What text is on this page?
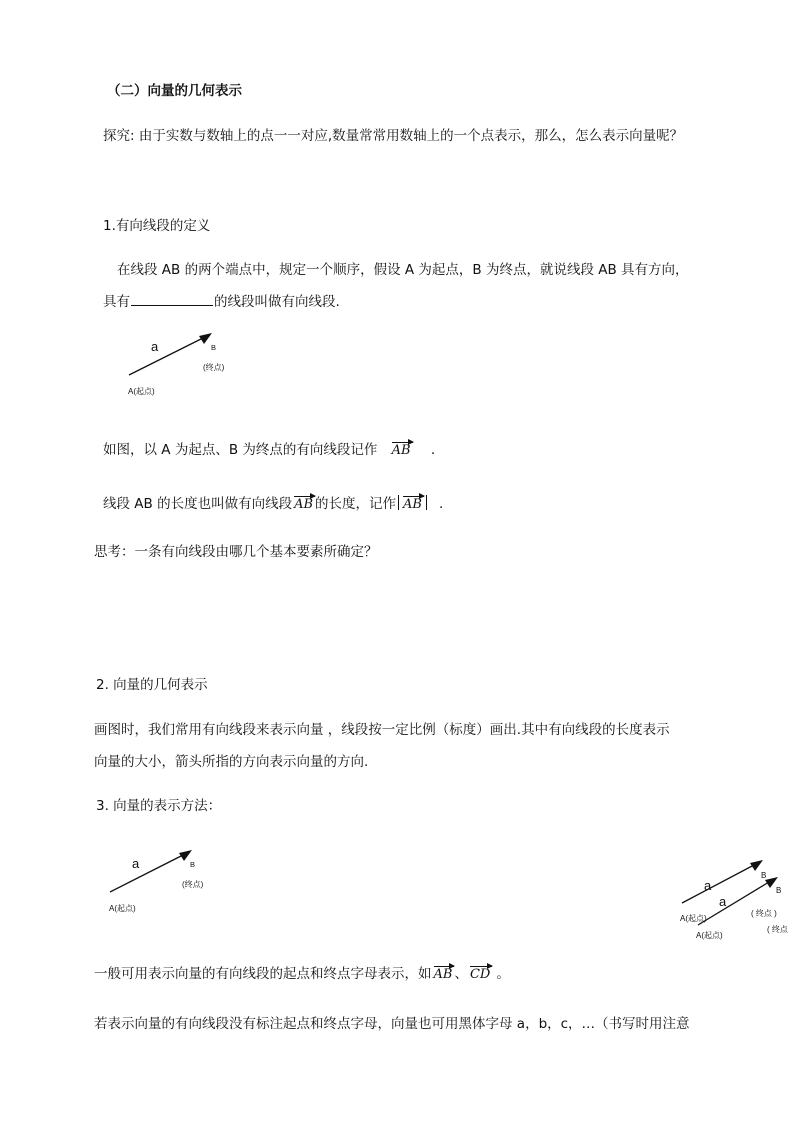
（二）向量的几何表示
探究: 由于实数与数轴上的点一一对应,数量常常用数轴上的一个点表示，那么，怎么表示向量呢？
1.有向线段的定义
在线段 AB 的两个端点中，规定一个顺序，假设 A 为起点，B 为终点，就说线段 AB 具有方向，
具有	的线段叫做有向线段.
a	B
(终点)
A(起点)
如图，以 A 为起点、B 为终点的有向线段记作 AB .
线段 AB 的长度也叫做有向线段 AB 的长度，记作 AB .
思考：一条有向线段由哪几个基本要素所确定？
2. 向量的几何表示
画图时，我们常用有向线段来表示向量 ，线段按一定比例（标度）画出.其中有向线段的长度表示
向量的大小，箭头所指的方向表示向量的方向.
3. 向量的表示方法：
a	B
(终点)
A(起点)
a
a
B
B
( 终点 )
( 终点
A(起点)
A(起点)
一般可用表示向量的有向线段的起点和终点字母表示，如 AB 、 CD 。
若表示向量的有向线段没有标注起点和终点字母，向量也可用黑体字母 a，b，c，…（书写时用注意
